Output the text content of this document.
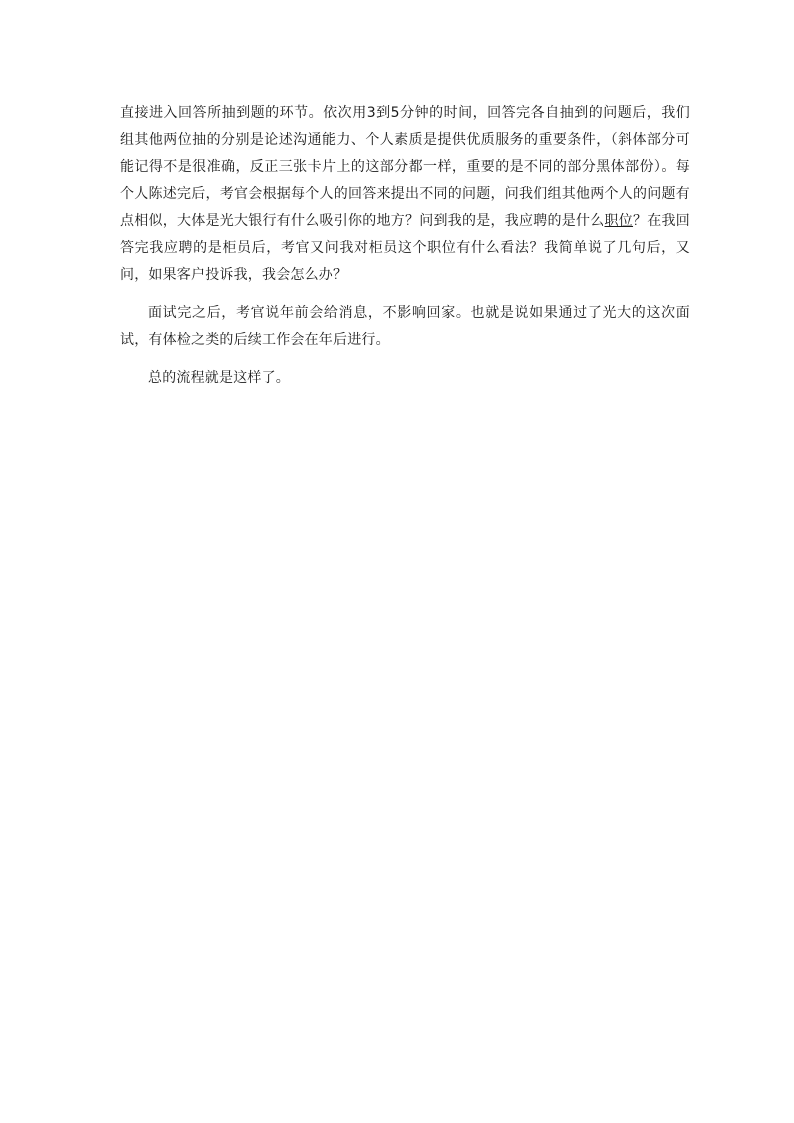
直接进入回答所抽到题的环节。依次用3到5分钟的时间，回答完各自抽到的问题后，我们组其他两位抽的分别是论述沟通能力、个人素质是提供优质服务的重要条件，（斜体部分可能记得不是很准确，反正三张卡片上的这部分都一样，重要的是不同的部分黑体部份）。每个人陈述完后，考官会根据每个人的回答来提出不同的问题，问我们组其他两个人的问题有点相似，大体是光大银行有什么吸引你的地方？问到我的是，我应聘的是什么职位？在我回答完我应聘的是柜员后，考官又问我对柜员这个职位有什么看法？我简单说了几句后，又问，如果客户投诉我，我会怎么办？

面试完之后，考官说年前会给消息，不影响回家。也就是说如果通过了光大的这次面试，有体检之类的后续工作会在年后进行。

总的流程就是这样了。
